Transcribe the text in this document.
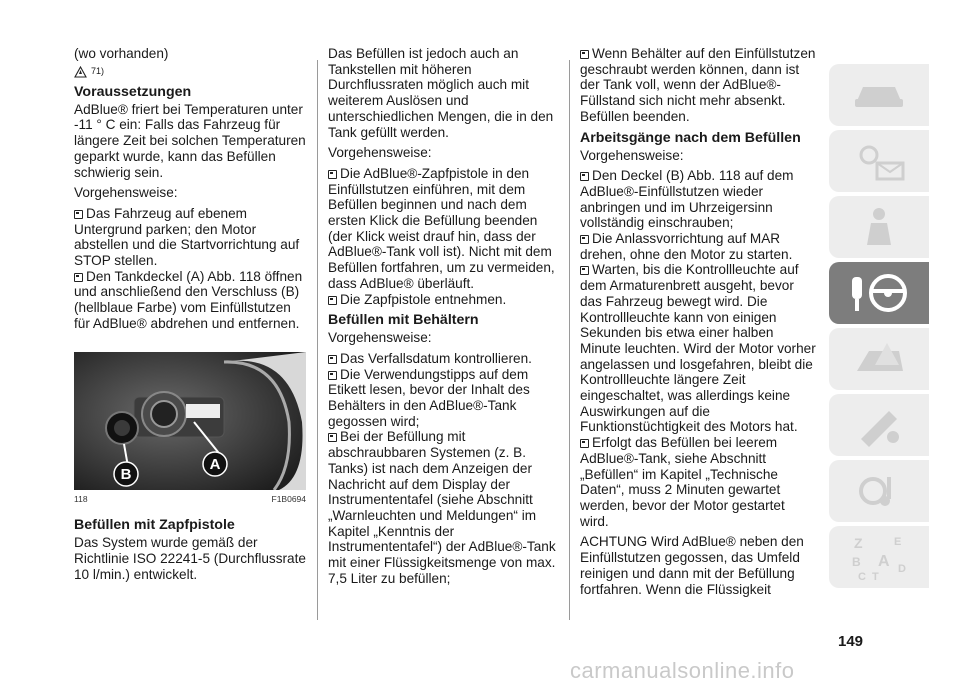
(wo vorhanden)

71)
Voraussetzungen

AdBlue® friert bei Temperaturen unter -11 ° C ein: Falls das Fahrzeug für längere Zeit bei solchen Temperaturen geparkt wurde, kann das Befüllen schwierig sein.

Vorgehensweise:

Das Fahrzeug auf ebenem Untergrund parken; den Motor abstellen und die Startvorrichtung auf STOP stellen.

Den Tankdeckel (A) Abb. 118 öffnen und anschließend den Verschluss (B) (hellblaue Farbe) vom Einfüllstutzen für AdBlue® abdrehen und entfernen.

B
A
118	F1B0694
Befüllen mit Zapfpistole

Das System wurde gemäß der Richtlinie ISO 22241-5 (Durchflussrate 10 l/min.) entwickelt.

Das Befüllen ist jedoch auch an Tankstellen mit höheren Durchflussraten möglich auch mit weiterem Auslösen und unterschiedlichen Mengen, die in den Tank gefüllt werden.

Vorgehensweise:

Die AdBlue®-Zapfpistole in den Einfüllstutzen einführen, mit dem Befüllen beginnen und nach dem ersten Klick die Befüllung beenden (der Klick weist drauf hin, dass der AdBlue®-Tank voll ist). Nicht mit dem Befüllen fortfahren, um zu vermeiden, dass AdBlue® überläuft.

Die Zapfpistole entnehmen.

Befüllen mit Behältern

Vorgehensweise:

Das Verfallsdatum kontrollieren.

Die Verwendungstipps auf dem Etikett lesen, bevor der Inhalt des Behälters in den AdBlue®-Tank gegossen wird;

Bei der Befüllung mit abschraubbaren Systemen (z. B. Tanks) ist nach dem Anzeigen der Nachricht auf dem Display der Instrumententafel (siehe Abschnitt „Warnleuchten und Meldungen“ im Kapitel „Kenntnis der Instrumententafel“) der AdBlue®-Tank mit einer Flüssigkeitsmenge von max. 7,5 Liter zu befüllen;

Wenn Behälter auf den Einfüllstutzen geschraubt werden können, dann ist der Tank voll, wenn der AdBlue®-Füllstand sich nicht mehr absenkt. Befüllen beenden.

Arbeitsgänge nach dem Befüllen

Vorgehensweise:

Den Deckel (B) Abb. 118 auf dem AdBlue®-Einfüllstutzen wieder anbringen und im Uhrzeigersinn vollständig einschrauben;

Die Anlassvorrichtung auf MAR drehen, ohne den Motor zu starten.

Warten, bis die Kontrollleuchte auf dem Armaturenbrett ausgeht, bevor das Fahrzeug bewegt wird. Die Kontrollleuchte kann von einigen Sekunden bis etwa einer halben Minute leuchten. Wird der Motor vorher angelassen und losgefahren, bleibt die Kontrollleuchte längere Zeit eingeschaltet, was allerdings keine Auswirkungen auf die Funktionstüchtigkeit des Motors hat.

Erfolgt das Befüllen bei leerem AdBlue®-Tank, siehe Abschnitt „Befüllen“ im Kapitel „Technische Daten“, muss 2 Minuten gewartet werden, bevor der Motor gestartet wird.

ACHTUNG Wird AdBlue® neben den Einfüllstutzen gegossen, das Umfeld reinigen und dann mit der Befüllung fortfahren. Wenn die Flüssigkeit

Z	E
B A
C T
D
149
carmanualsonline.info
